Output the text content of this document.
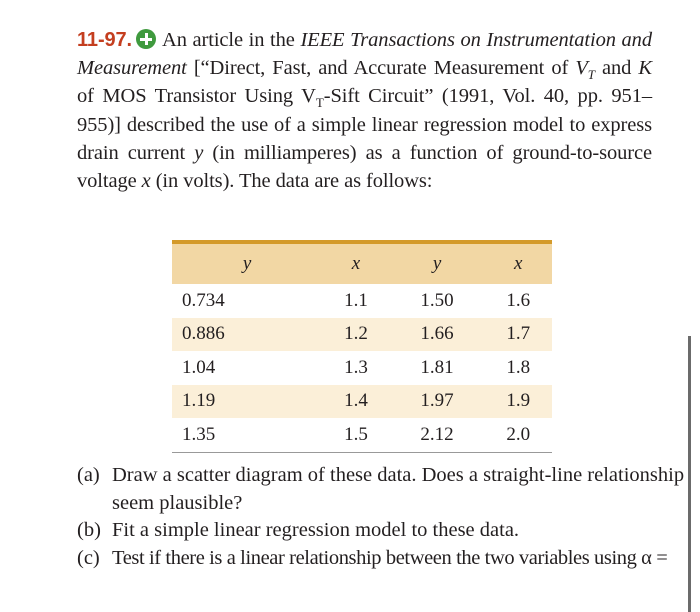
11-97. An article in the IEEE Transactions on Instrumentation and Measurement [“Direct, Fast, and Accurate Measurement of $V_T$ and K of MOS Transistor Using $V_T$-Sift Circuit” (1991, Vol. 40, pp. 951–955)] described the use of a simple linear regression model to express drain current y (in milliamperes) as a function of ground-to-source voltage x (in volts). The data are as follows:
y	x	y	x
0.734	1.1	1.50	1.6
0.886	1.2	1.66	1.7
1.04	1.3	1.81	1.8
1.19	1.4	1.97	1.9
1.35	1.5	2.12	2.0
(a) Draw a scatter diagram of these data. Does a straight-line relationship seem plausible?
(b) Fit a simple linear regression model to these data.
(c) Test if there is a linear relationship between the two variables using α =
